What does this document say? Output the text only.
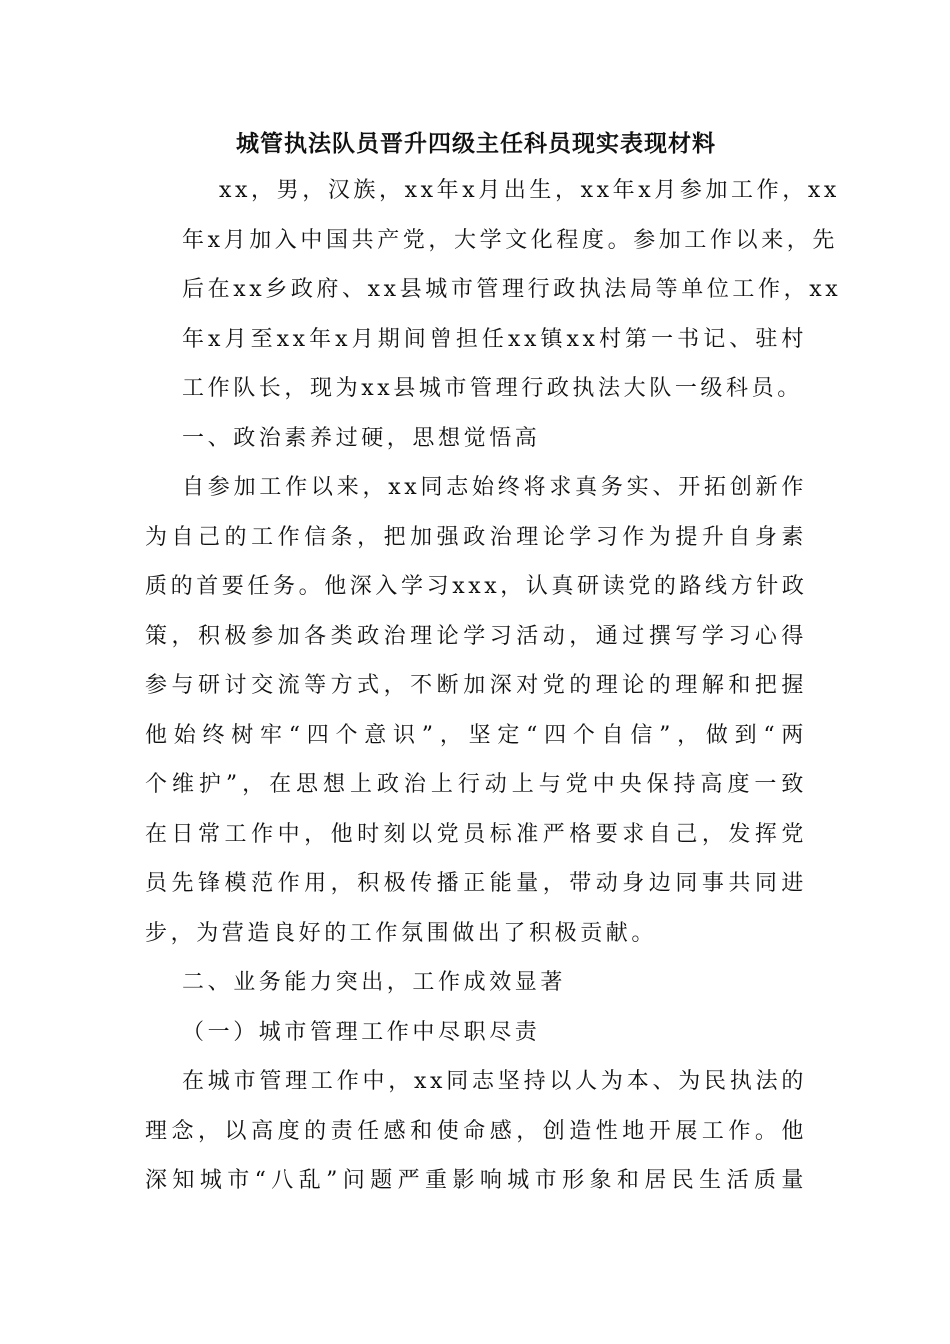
城管执法队员晋升四级主任科员现实表现材料
xx，男，汉族，xx年x月出生，xx年x月参加工作，xx
年x月加入中国共产党，大学文化程度。参加工作以来，先
后在xx乡政府、xx县城市管理行政执法局等单位工作，xx
年x月至xx年x月期间曾担任xx镇xx村第一书记、驻村
工作队长，现为xx县城市管理行政执法大队一级科员。

一、政治素养过硬，思想觉悟高

自参加工作以来，xx同志始终将求真务实、开拓创新作
为自己的工作信条，把加强政治理论学习作为提升自身素
质的首要任务。他深入学习xxx，认真研读党的路线方针政
策，积极参加各类政治理论学习活动，通过撰写学习心得
参与研讨交流等方式，不断加深对党的理论的理解和把握
他始终树牢“四个意识”，坚定“四个自信”，做到“两
个维护”，在思想上政治上行动上与党中央保持高度一致
在日常工作中，他时刻以党员标准严格要求自己，发挥党
员先锋模范作用，积极传播正能量，带动身边同事共同进
步，为营造良好的工作氛围做出了积极贡献。

二、业务能力突出，工作成效显著

（一）城市管理工作中尽职尽责

在城市管理工作中，xx同志坚持以人为本、为民执法的
理念，以高度的责任感和使命感，创造性地开展工作。他
深知城市“八乱”问题严重影响城市形象和居民生活质量
